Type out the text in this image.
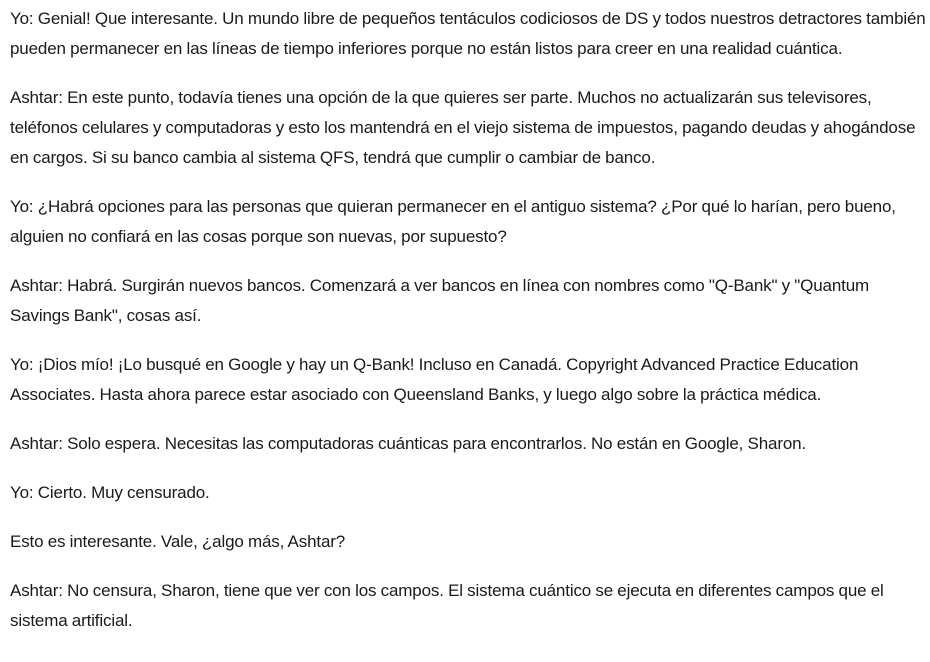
Yo: Genial! Que interesante. Un mundo libre de pequeños tentáculos codiciosos de DS y todos nuestros detractores también pueden permanecer en las líneas de tiempo inferiores porque no están listos para creer en una realidad cuántica.

Ashtar: En este punto, todavía tienes una opción de la que quieres ser parte. Muchos no actualizarán sus televisores, teléfonos celulares y computadoras y esto los mantendrá en el viejo sistema de impuestos, pagando deudas y ahogándose en cargos. Si su banco cambia al sistema QFS, tendrá que cumplir o cambiar de banco.

Yo: ¿Habrá opciones para las personas que quieran permanecer en el antiguo sistema? ¿Por qué lo harían, pero bueno, alguien no confiará en las cosas porque son nuevas, por supuesto?

Ashtar: Habrá. Surgirán nuevos bancos. Comenzará a ver bancos en línea con nombres como "Q-Bank" y "Quantum Savings Bank", cosas así.

Yo: ¡Dios mío! ¡Lo busqué en Google y hay un Q-Bank! Incluso en Canadá. Copyright Advanced Practice Education Associates. Hasta ahora parece estar asociado con Queensland Banks, y luego algo sobre la práctica médica.

Ashtar: Solo espera. Necesitas las computadoras cuánticas para encontrarlos. No están en Google, Sharon.

Yo: Cierto. Muy censurado.

Esto es interesante. Vale, ¿algo más, Ashtar?

Ashtar: No censura, Sharon, tiene que ver con los campos. El sistema cuántico se ejecuta en diferentes campos que el sistema artificial.
